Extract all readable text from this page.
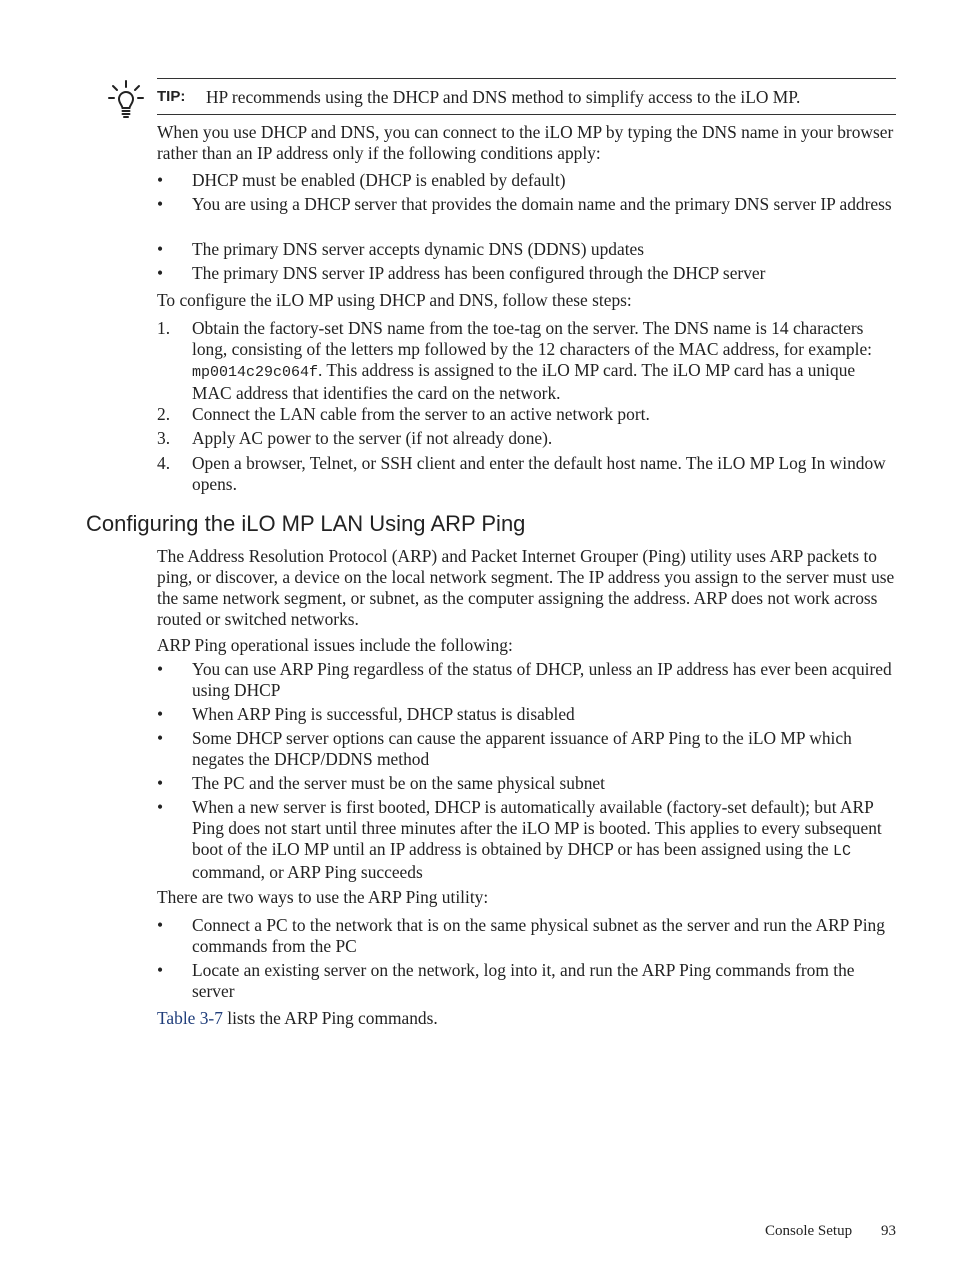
TIP: HP recommends using the DHCP and DNS method to simplify access to the iLO MP.
When you use DHCP and DNS, you can connect to the iLO MP by typing the DNS name in your browser rather than an IP address only if the following conditions apply:
•	DHCP must be enabled (DHCP is enabled by default)
•	You are using a DHCP server that provides the domain name and the primary DNS server IP address
•	The primary DNS server accepts dynamic DNS (DDNS) updates
•	The primary DNS server IP address has been configured through the DHCP server
To configure the iLO MP using DHCP and DNS, follow these steps:
1.	Obtain the factory-set DNS name from the toe-tag on the server. The DNS name is 14 characters long, consisting of the letters mp followed by the 12 characters of the MAC address, for example: mp0014c29c064f. This address is assigned to the iLO MP card. The iLO MP card has a unique MAC address that identifies the card on the network.
2.	Connect the LAN cable from the server to an active network port.
3.	Apply AC power to the server (if not already done).
4.	Open a browser, Telnet, or SSH client and enter the default host name. The iLO MP Log In window opens.
Configuring the iLO MP LAN Using ARP Ping
The Address Resolution Protocol (ARP) and Packet Internet Grouper (Ping) utility uses ARP packets to ping, or discover, a device on the local network segment. The IP address you assign to the server must use the same network segment, or subnet, as the computer assigning the address. ARP does not work across routed or switched networks.
ARP Ping operational issues include the following:
•	You can use ARP Ping regardless of the status of DHCP, unless an IP address has ever been acquired using DHCP
•	When ARP Ping is successful, DHCP status is disabled
•	Some DHCP server options can cause the apparent issuance of ARP Ping to the iLO MP which negates the DHCP/DDNS method
•	The PC and the server must be on the same physical subnet
•	When a new server is first booted, DHCP is automatically available (factory-set default); but ARP Ping does not start until three minutes after the iLO MP is booted. This applies to every subsequent boot of the iLO MP until an IP address is obtained by DHCP or has been assigned using the LC command, or ARP Ping succeeds
There are two ways to use the ARP Ping utility:
•	Connect a PC to the network that is on the same physical subnet as the server and run the ARP Ping commands from the PC
•	Locate an existing server on the network, log into it, and run the ARP Ping commands from the server
Table 3-7 lists the ARP Ping commands.
Console Setup 93
